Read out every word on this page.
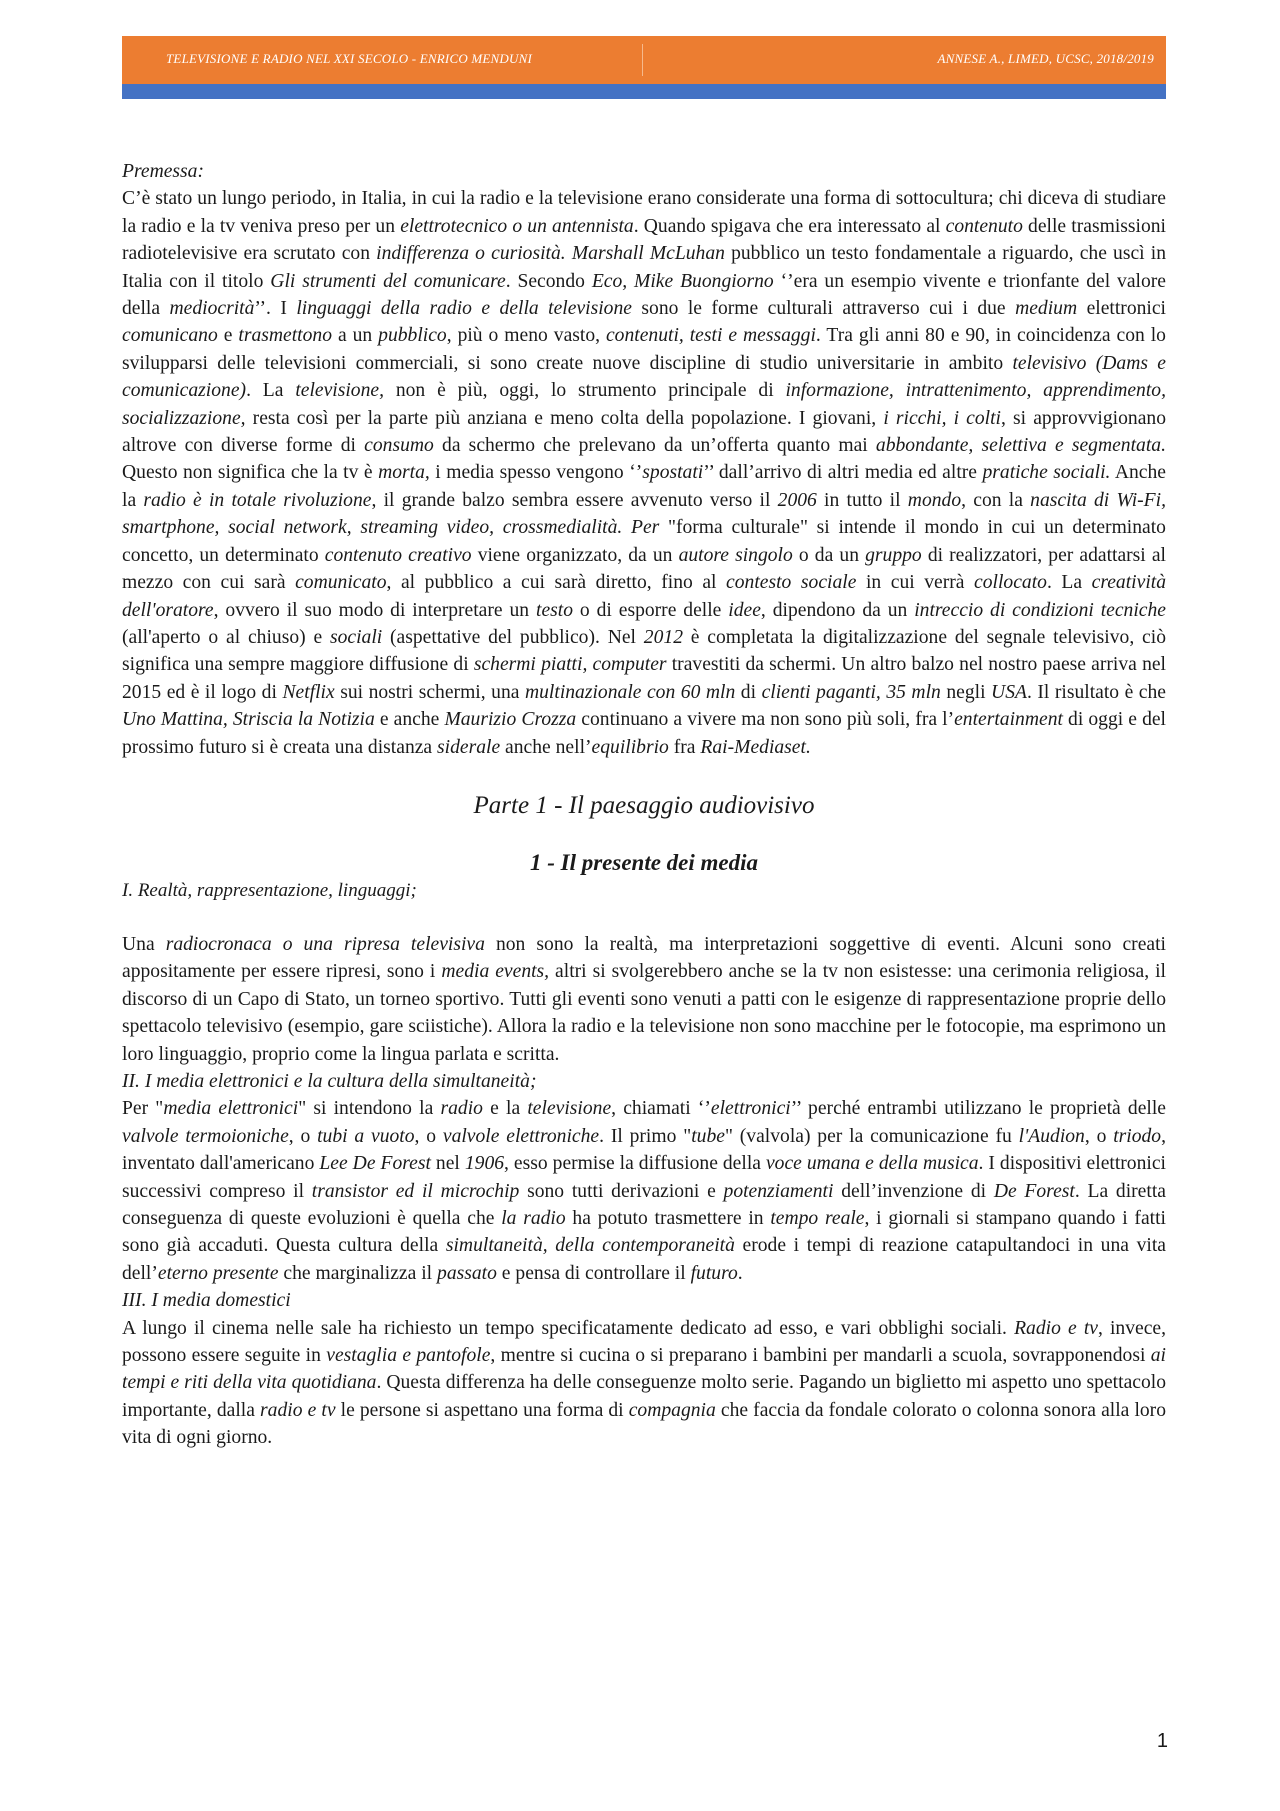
TELEVISIONE E RADIO NEL XXI SECOLO - ENRICO MENDUNI	ANNESE A., LIMED, UCSC, 2018/2019

Premessa:

C’è stato un lungo periodo, in Italia, in cui la radio e la televisione erano considerate una forma di sottocultura; chi diceva di studiare la radio e la tv veniva preso per un elettrotecnico o un antennista. Quando spigava che era interessato al contenuto delle trasmissioni radiotelevisive era scrutato con indifferenza o curiosità. Marshall McLuhan pubblico un testo fondamentale a riguardo, che uscì in Italia con il titolo Gli strumenti del comunicare. Secondo Eco, Mike Buongiorno ‘’era un esempio vivente e trionfante del valore della mediocrità’’. I linguaggi della radio e della televisione sono le forme culturali attraverso cui i due medium elettronici comunicano e trasmettono a un pubblico, più o meno vasto, contenuti, testi e messaggi. Tra gli anni 80 e 90, in coincidenza con lo svilupparsi delle televisioni commerciali, si sono create nuove discipline di studio universitarie in ambito televisivo (Dams e comunicazione). La televisione, non è più, oggi, lo strumento principale di informazione, intrattenimento, apprendimento, socializzazione, resta così per la parte più anziana e meno colta della popolazione. I giovani, i ricchi, i colti, si approvvigionano altrove con diverse forme di consumo da schermo che prelevano da un’offerta quanto mai abbondante, selettiva e segmentata. Questo non significa che la tv è morta, i media spesso vengono ‘’spostati’’ dall’arrivo di altri media ed altre pratiche sociali. Anche la radio è in totale rivoluzione, il grande balzo sembra essere avvenuto verso il 2006 in tutto il mondo, con la nascita di Wi-Fi, smartphone, social network, streaming video, crossmedialità. Per "forma culturale" si intende il mondo in cui un determinato concetto, un determinato contenuto creativo viene organizzato, da un autore singolo o da un gruppo di realizzatori, per adattarsi al mezzo con cui sarà comunicato, al pubblico a cui sarà diretto, fino al contesto sociale in cui verrà collocato. La creatività dell'oratore, ovvero il suo modo di interpretare un testo o di esporre delle idee, dipendono da un intreccio di condizioni tecniche (all'aperto o al chiuso) e sociali (aspettative del pubblico). Nel 2012 è completata la digitalizzazione del segnale televisivo, ciò significa una sempre maggiore diffusione di schermi piatti, computer travestiti da schermi. Un altro balzo nel nostro paese arriva nel 2015 ed è il logo di Netflix sui nostri schermi, una multinazionale con 60 mln di clienti paganti, 35 mln negli USA. Il risultato è che Uno Mattina, Striscia la Notizia e anche Maurizio Crozza continuano a vivere ma non sono più soli, fra l’entertainment di oggi e del prossimo futuro si è creata una distanza siderale anche nell’equilibrio fra Rai-Mediaset.

Parte 1 - Il paesaggio audiovisivo
1 - Il presente dei media
I. Realtà, rappresentazione, linguaggi;

Una radiocronaca o una ripresa televisiva non sono la realtà, ma interpretazioni soggettive di eventi. Alcuni sono creati appositamente per essere ripresi, sono i media events, altri si svolgerebbero anche se la tv non esistesse: una cerimonia religiosa, il discorso di un Capo di Stato, un torneo sportivo. Tutti gli eventi sono venuti a patti con le esigenze di rappresentazione proprie dello spettacolo televisivo (esempio, gare sciistiche). Allora la radio e la televisione non sono macchine per le fotocopie, ma esprimono un loro linguaggio, proprio come la lingua parlata e scritta.

II. I media elettronici e la cultura della simultaneità;

Per "media elettronici" si intendono la radio e la televisione, chiamati ‘’elettronici’’ perché entrambi utilizzano le proprietà delle valvole termoioniche, o tubi a vuoto, o valvole elettroniche. Il primo "tube" (valvola) per la comunicazione fu l'Audion, o triodo, inventato dall'americano Lee De Forest nel 1906, esso permise la diffusione della voce umana e della musica. I dispositivi elettronici successivi compreso il transistor ed il microchip sono tutti derivazioni e potenziamenti dell’invenzione di De Forest. La diretta conseguenza di queste evoluzioni è quella che la radio ha potuto trasmettere in tempo reale, i giornali si stampano quando i fatti sono già accaduti. Questa cultura della simultaneità, della contemporaneità erode i tempi di reazione catapultandoci in una vita dell’eterno presente che marginalizza il passato e pensa di controllare il futuro.

III. I media domestici

A lungo il cinema nelle sale ha richiesto un tempo specificatamente dedicato ad esso, e vari obblighi sociali. Radio e tv, invece, possono essere seguite in vestaglia e pantofole, mentre si cucina o si preparano i bambini per mandarli a scuola, sovrapponendosi ai tempi e riti della vita quotidiana. Questa differenza ha delle conseguenze molto serie. Pagando un biglietto mi aspetto uno spettacolo importante, dalla radio e tv le persone si aspettano una forma di compagnia che faccia da fondale colorato o colonna sonora alla loro vita di ogni giorno.

1
